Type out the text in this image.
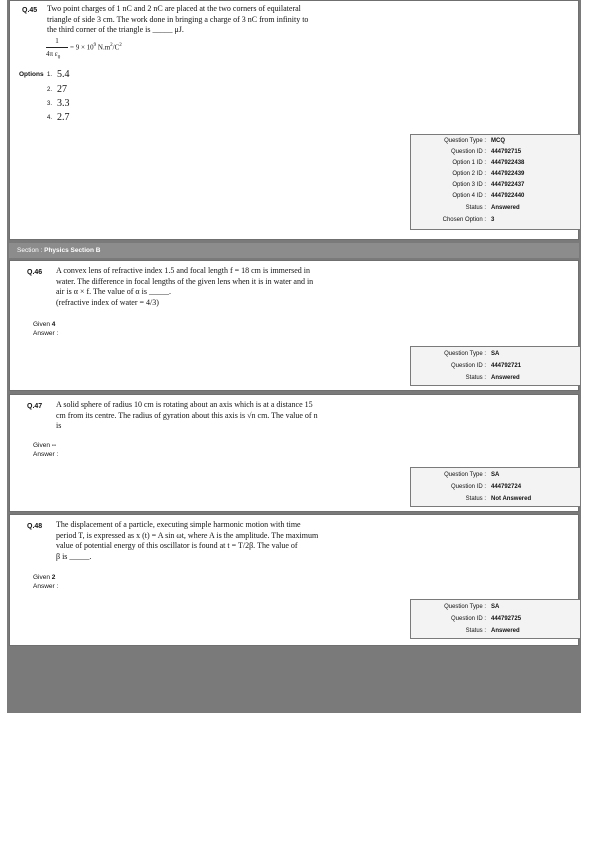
Q.45 Two point charges of 1 nC and 2 nC are placed at the two corners of equilateral
triangle of side 3 cm. The work done in bringing a charge of 3 nC from infinity to
the third corner of the triangle is _____ μJ.
1
4π $\varepsilon_0$
= $9 \times 10^9$ $N.m^2/C^2$
Options 1. 5.4
2. 27
3. 3.3
4. 2.7
Question Type : MCQ
Question ID : 444792715
Option 1 ID : 4447922438
Option 2 ID : 4447922439
Option 3 ID : 4447922437
Option 4 ID : 4447922440
Status : Answered
Chosen Option : 3
Section : Physics Section B
Q.46 A convex lens of refractive index 1.5 and focal length f = 18 cm is immersed in
water. The difference in focal lengths of the given lens when it is in water and in
air is α × f. The value of α is _____.
(refractive index of water = 4/3)
Given 4
Answer :
Question Type : SA
Question ID : 444792721
Status : Answered
Q.47 A solid sphere of radius 10 cm is rotating about an axis which is at a distance 15
cm from its centre. The radius of gyration about this axis is √n cm. The value of n
is
Given --
Answer :
Question Type : SA
Question ID : 444792724
Status : Not Answered
Q.48 The displacement of a particle, executing simple harmonic motion with time
period T, is expressed as x (t) = A sin ωt, where A is the amplitude. The maximum
value of potential energy of this oscillator is found at t = T/2β. The value of
β is _____.
Given 2
Answer :
Question Type : SA
Question ID : 444792725
Status : Answered
